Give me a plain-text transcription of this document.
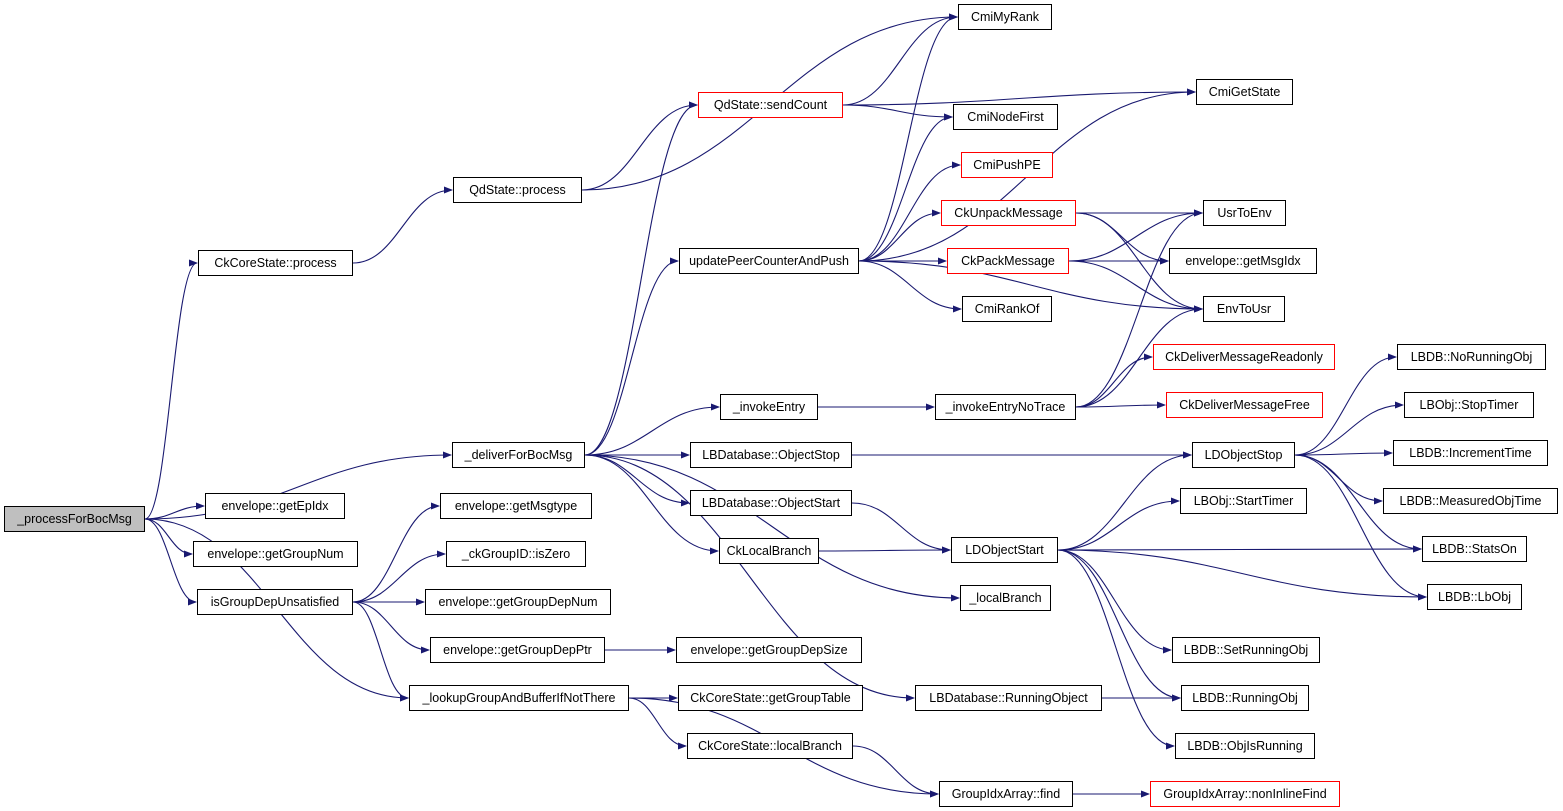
_processForBocMsg
CkCoreState::process
envelope::getEpIdx
envelope::getGroupNum
isGroupDepUnsatisfied
QdState::process
_deliverForBocMsg
envelope::getMsgtype
_ckGroupID::isZero
envelope::getGroupDepNum
envelope::getGroupDepPtr
_lookupGroupAndBufferIfNotThere
QdState::sendCount
updatePeerCounterAndPush
_invokeEntry
LBDatabase::ObjectStop
LBDatabase::ObjectStart
CkLocalBranch
envelope::getGroupDepSize
CkCoreState::getGroupTable
CkCoreState::localBranch
CmiMyRank
CmiNodeFirst
CmiPushPE
CkUnpackMessage
CkPackMessage
CmiRankOf
_invokeEntryNoTrace
LDObjectStart
_localBranch
LBDatabase::RunningObject
GroupIdxArray::find
CmiGetState
UsrToEnv
envelope::getMsgIdx
EnvToUsr
CkDeliverMessageReadonly
CkDeliverMessageFree
LDObjectStop
LBObj::StartTimer
LBDB::SetRunningObj
LBDB::RunningObj
LBDB::ObjIsRunning
GroupIdxArray::nonInlineFind
LBDB::NoRunningObj
LBObj::StopTimer
LBDB::IncrementTime
LBDB::MeasuredObjTime
LBDB::StatsOn
LBDB::LbObj
